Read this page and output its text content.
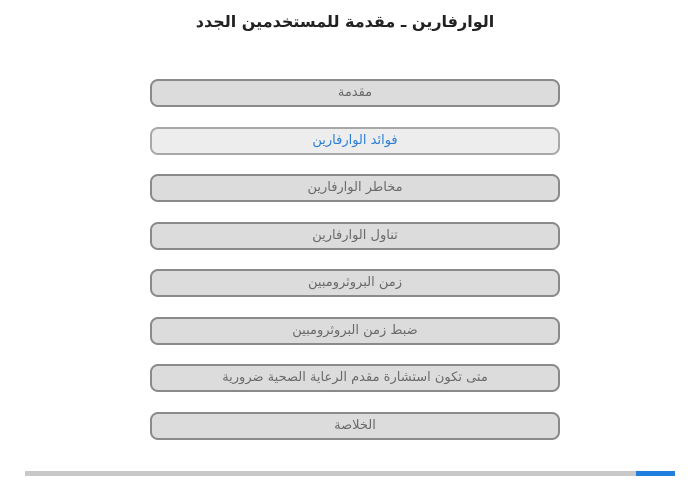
الوارفارين ـ مقدمة للمستخدمين الجدد
مقدمة
فوائد الوارفارين
مخاطر الوارفارين
تناول الوارفارين
زمن البروثرومبين
ضبط زمن البروثرومبين
متى تكون استشارة مقدم الرعاية الصحية ضرورية
الخلاصة
